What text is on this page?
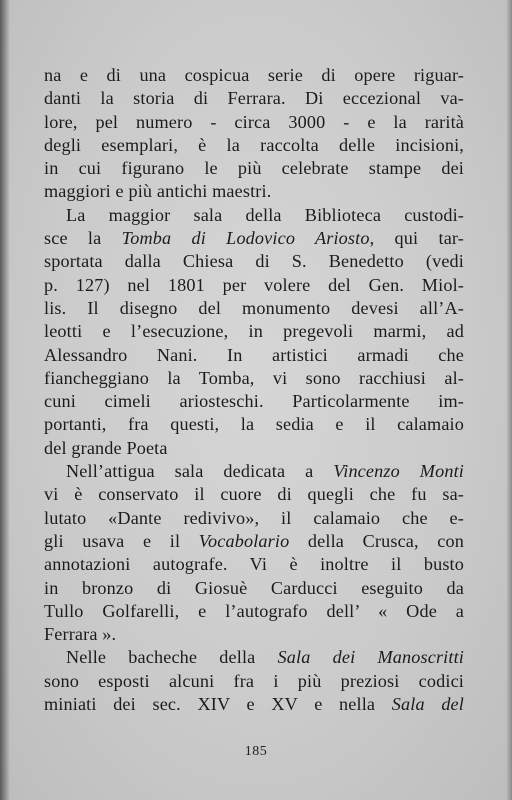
na e di una cospicua serie di opere riguar-
danti la storia di Ferrara. Di eccezional va-
lore, pel numero - circa 3000 - e la rarità
degli esemplari, è la raccolta delle incisioni,
in cui figurano le più celebrate stampe dei
maggiori e più antichi maestri.

La maggior sala della Biblioteca custodi-
sce la Tomba di Lodovico Ariosto, qui tar-
sportata dalla Chiesa di S. Benedetto (vedi
p. 127) nel 1801 per volere del Gen. Miol-
lis. Il disegno del monumento devesi all’A-
leotti e l’esecuzione, in pregevoli marmi, ad
Alessandro Nani. In artistici armadi che
fiancheggiano la Tomba, vi sono racchiusi al-
cuni cimeli ariosteschi. Particolarmente im-
portanti, fra questi, la sedia e il calamaio
del grande Poeta

Nell’attigua sala dedicata a Vincenzo Monti
vi è conservato il cuore di quegli che fu sa-
lutato «Dante redivivo», il calamaio che e-
gli usava e il Vocabolario della Crusca, con
annotazioni autografe. Vi è inoltre il busto
in bronzo di Giosuè Carducci eseguito da
Tullo Golfarelli, e l’autografo dell’ « Ode a
Ferrara ».

Nelle bacheche della Sala dei Manoscritti
sono esposti alcuni fra i più preziosi codici
miniati dei sec. XIV e XV e nella Sala del

185
